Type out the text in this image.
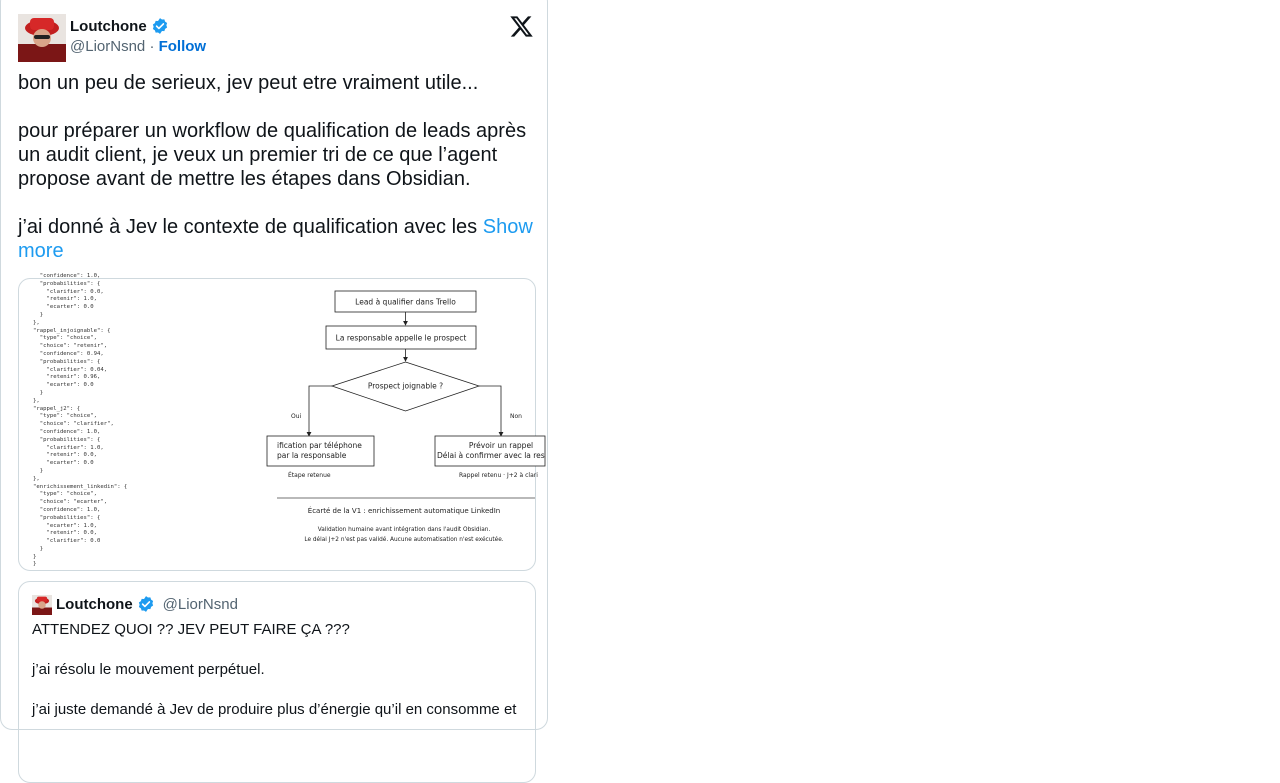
Loutchone
@LiorNsnd · Follow
bon un peu de serieux, jev peut etre vraiment utile...

pour préparer un workflow de qualification de leads après un audit client, je veux un premier tri de ce que l’agent propose avant de mettre les étapes dans Obsidian.

j’ai donné à Jev le contexte de qualification avec les Show more
"confidence": 1.0,
"probabilities": {
"clarifier": 0.0,
"retenir": 1.0,
"ecarter": 0.0
}
},
"rappel_injoignable": {
"type": "choice",
"choice": "retenir",
"confidence": 0.94,
"probabilities": {
"clarifier": 0.04,
"retenir": 0.96,
"ecarter": 0.0
}
},
"rappel_j2": {
"type": "choice",
"choice": "clarifier",
"confidence": 1.0,
"probabilities": {
"clarifier": 1.0,
"retenir": 0.0,
"ecarter": 0.0
}
},
"enrichissement_linkedin": {
"type": "choice",
"choice": "ecarter",
"confidence": 1.0,
"probabilities": {
"ecarter": 1.0,
"retenir": 0.0,
"clarifier": 0.0
}
}
}
Lead à qualifier dans Trello
La responsable appelle le prospect
Prospect joignable ?
Oui	Non
ification par téléphone
par la responsable
Prévoir un rappel
Délai à confirmer avec la res
Étape retenue	Rappel retenu · J+2 à clari
Écarté de la V1 : enrichissement automatique LinkedIn
Validation humaine avant intégration dans l'audit Obsidian.
Le délai J+2 n'est pas validé. Aucune automatisation n'est exécutée.
Loutchone @LiorNsnd
ATTENDEZ QUOI ?? JEV PEUT FAIRE ÇA ???

j’ai résolu le mouvement perpétuel.

j’ai juste demandé à Jev de produire plus d’énergie qu’il en consomme et
